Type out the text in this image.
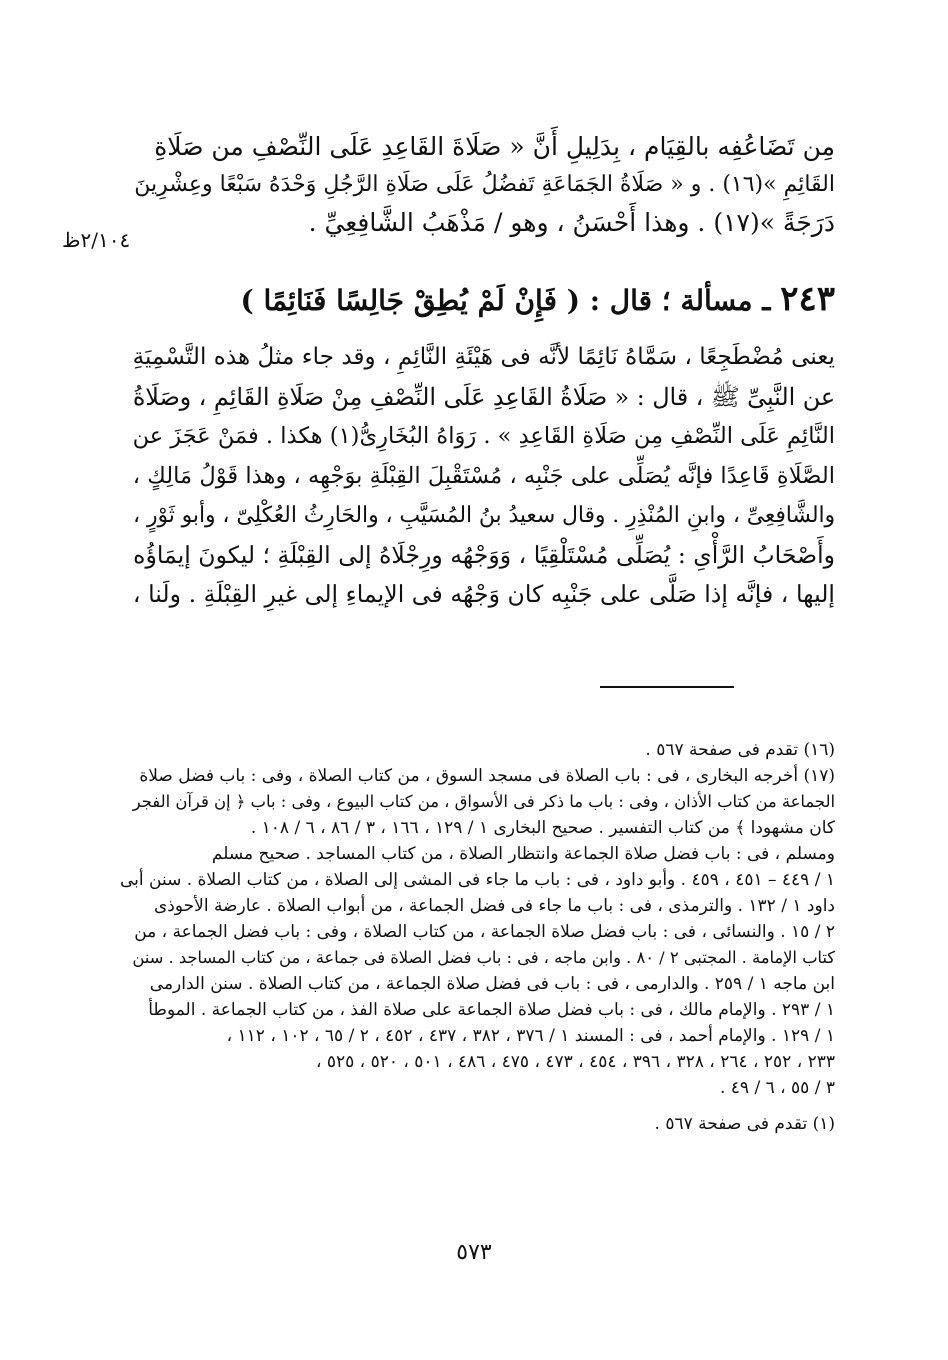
٢/١٠٤ظ
مِن تَضَاعُفِه بالقِيَام ، بِدَلِيلِ أَنَّ « صَلَاةَ القَاعِدِ عَلَى النِّصْفِ من صَلَاةِ
القَائِمِ »(١٦) . و « صَلَاةُ الجَمَاعَةِ تَفضُلُ عَلَى صَلَاةِ الرَّجُلِ وَحْدَهُ سَبْعًا وعِشْرِينَ
دَرَجَةً »(١٧) . وهذا أَحْسَنُ ، وهو / مَذْهَبُ الشَّافِعِيِّ .
٢٤٣ ـ مسألة ؛ قال : ( فَإِنْ لَمْ يُطِقْ جَالِسًا فَنَائِمًا )
يعنى مُضْطَجِعًا ، سَمَّاهُ نَائِمًا لأنَّه فى هَيْئَةِ النَّائِمِ ، وقد جاء مثلُ هذه التَّسْمِيَةِ
عن النَّبِىِّ ﷺ ، قال : « صَلَاةُ القَاعِدِ عَلَى النِّصْفِ مِنْ صَلَاةِ القَائِمِ ، وصَلَاةُ
النَّائِمِ عَلَى النِّصْفِ مِن صَلَاةِ القَاعِدِ » . رَوَاهُ البُخَارِىُّ(١) هكذا . فمَنْ عَجَزَ عن
الصَّلَاةِ قَاعِدًا فإنَّه يُصَلِّى على جَنْبِه ، مُسْتَقْبِلَ القِبْلَةِ بوَجْهِه ، وهذا قَوْلُ مَالِكٍ ،
والشَّافِعِىِّ ، وابنِ المُنْذِرِ . وقال سعيدُ بنُ المُسَيَّبِ ، والحَارِثُ العُكْلِىّ ، وأبو ثَوْرٍ ،
وأَصْحَابُ الرَّأْىِ : يُصَلِّى مُسْتَلْقِيًا ، وَوَجْهُه ورِجْلَاهُ إلى القِبْلَةِ ؛ ليكونَ إيمَاؤُه
إليها ، فإنَّه إذا صَلَّى على جَنْبِه كان وَجْهُه فى الإيماءِ إلى غيرِ القِبْلَةِ . ولَنا ،
(١٦) تقدم فى صفحة ٥٦٧ .
(١٧) أخرجه البخارى ، فى : باب الصلاة فى مسجد السوق ، من كتاب الصلاة ، وفى : باب فضل صلاة
الجماعة من كتاب الأذان ، وفى : باب ما ذكر فى الأسواق ، من كتاب البيوع ، وفى : باب ﴿ إن قرآن الفجر
كان مشهودا ﴾ من كتاب التفسير . صحيح البخارى ١ / ١٢٩ ، ١٦٦ ، ٣ / ٨٦ ، ٦ / ١٠٨ .
ومسلم ، فى : باب فضل صلاة الجماعة وانتظار الصلاة ، من كتاب المساجد . صحيح مسلم
١ / ٤٤٩ – ٤٥١ ، ٤٥٩ . وأبو داود ، فى : باب ما جاء فى المشى إلى الصلاة ، من كتاب الصلاة . سنن أبى
داود ١ / ١٣٢ . والترمذى ، فى : باب ما جاء فى فضل الجماعة ، من أبواب الصلاة . عارضة الأحوذى
٢ / ١٥ . والنسائى ، فى : باب فضل صلاة الجماعة ، من كتاب الصلاة ، وفى : باب فضل الجماعة ، من
كتاب الإمامة . المجتبى ٢ / ٨٠ . وابن ماجه ، فى : باب فضل الصلاة فى جماعة ، من كتاب المساجد . سنن
ابن ماجه ١ / ٢٥٩ . والدارمى ، فى : باب فى فضل صلاة الجماعة ، من كتاب الصلاة . سنن الدارمى
١ / ٢٩٣ . والإمام مالك ، فى : باب فضل صلاة الجماعة على صلاة الفذ ، من كتاب الجماعة . الموطأ
١ / ١٢٩ . والإمام أحمد ، فى : المسند ١ / ٣٧٦ ، ٣٨٢ ، ٤٣٧ ، ٤٥٢ ، ٢ / ٦٥ ، ١٠٢ ، ١١٢ ،
٢٣٣ ، ٢٥٢ ، ٢٦٤ ، ٣٢٨ ، ٣٩٦ ، ٤٥٤ ، ٤٧٣ ، ٤٧٥ ، ٤٨٦ ، ٥٠١ ، ٥٢٠ ، ٥٢٥ ،
٣ / ٥٥ ، ٦ / ٤٩ .
(١) تقدم فى صفحة ٥٦٧ .
٥٧٣
